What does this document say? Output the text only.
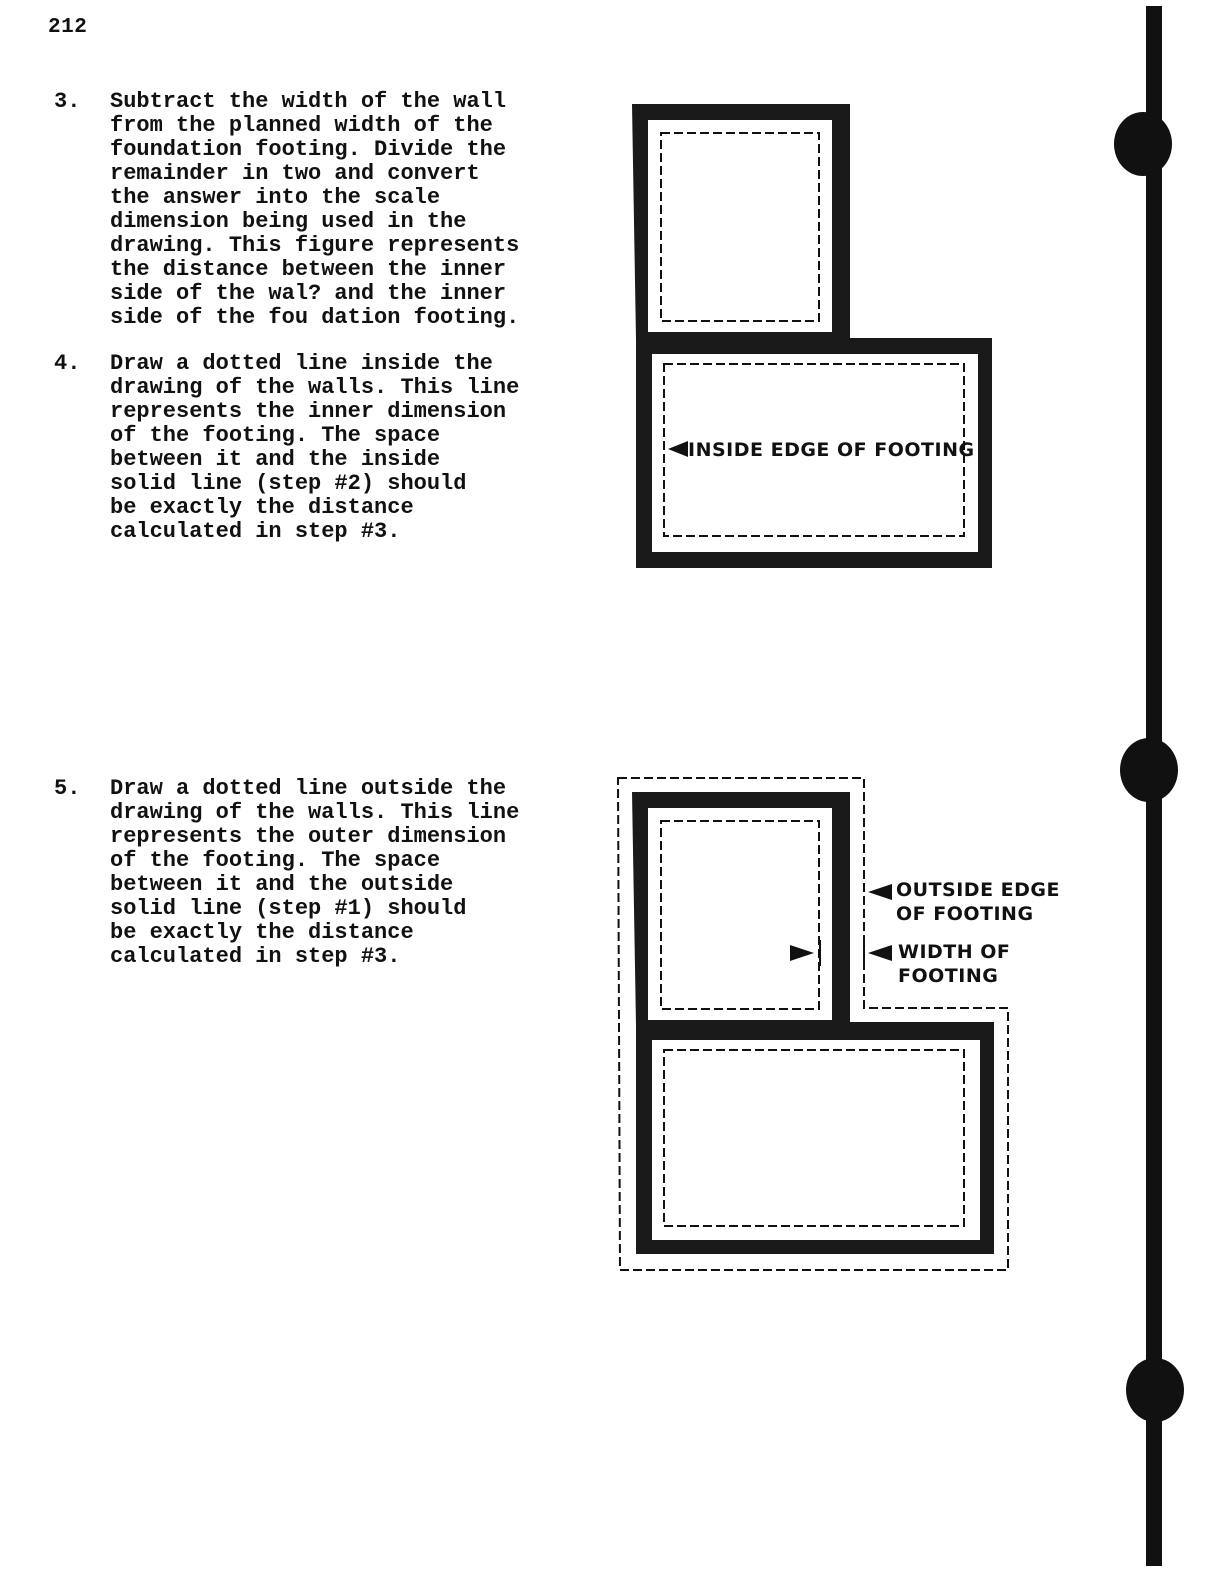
212
3. Subtract the width of the wall
from the planned width of the
foundation footing. Divide the
remainder in two and convert
the answer into the scale
dimension being used in the
drawing. This figure represents
the distance between the inner
side of the wal? and the inner
side of the fou dation footing.
4. Draw a dotted line inside the
drawing of the walls. This line
represents the inner dimension
of the footing. The space
between it and the inside
solid line (step #2) should
be exactly the distance
calculated in step #3.
5. Draw a dotted line outside the
drawing of the walls. This line
represents the outer dimension
of the footing. The space
between it and the outside
solid line (step #1) should
be exactly the distance
calculated in step #3.
INSIDE EDGE OF FOOTING
OUTSIDE EDGE
OF FOOTING
WIDTH OF
FOOTING
